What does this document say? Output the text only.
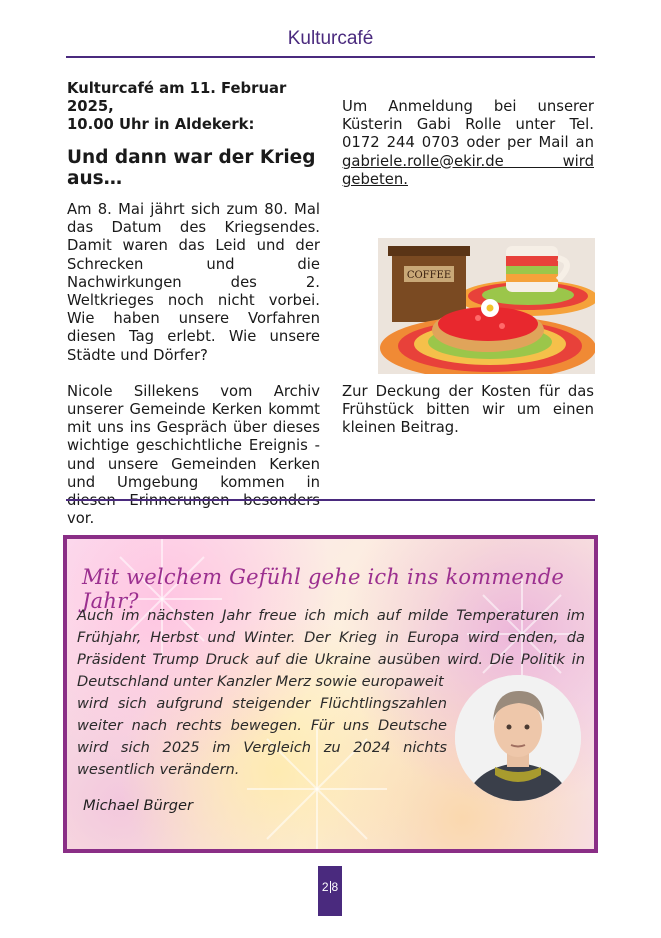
Kulturcafé
Kulturcafé am 11. Februar 2025,
10.00 Uhr in Aldekerk:
Und dann war der Krieg aus…

Am 8. Mai jährt sich zum 80. Mal das Datum des Kriegsendes. Damit waren das Leid und der Schrecken und die Nachwirkungen des 2. Weltkrieges noch nicht vorbei. Wie haben unsere Vorfahren diesen Tag erlebt. Wie unsere Städte und Dörfer?

Nicole Sillekens vom Archiv unserer Gemeinde Kerken kommt mit uns ins Gespräch über dieses wichtige geschichtliche Ereignis - und unsere Gemeinden Kerken und Umgebung kommen in vor.

Um Anmeldung bei unserer Küsterin Gabi Rolle unter Tel. 0172 244 0703 oder per Mail an gabriele.rolle@ekir.de wird gebeten.

COFFEE
Zur Deckung der Kosten für das Frühstück bitten wir um einen kleinen Beitrag.
Mit welchem Gefühl gehe ich ins kommende Jahr?
Auch im nächsten Jahr freue ich mich auf milde Temperaturen im Frühjahr, Herbst und Winter. Der Krieg in Europa wird enden, da Präsident Trump Druck auf die Ukraine ausüben wird. Die Politik in Deutschland unter Kanzler Merz sowie europaweit
wird sich aufgrund steigender Flüchtlingszahlen weiter nach rechts bewegen. Für uns Deutsche wird sich 2025 im Vergleich zu 2024 nichts wesentlich verändern.
Michael Bürger
2 8
